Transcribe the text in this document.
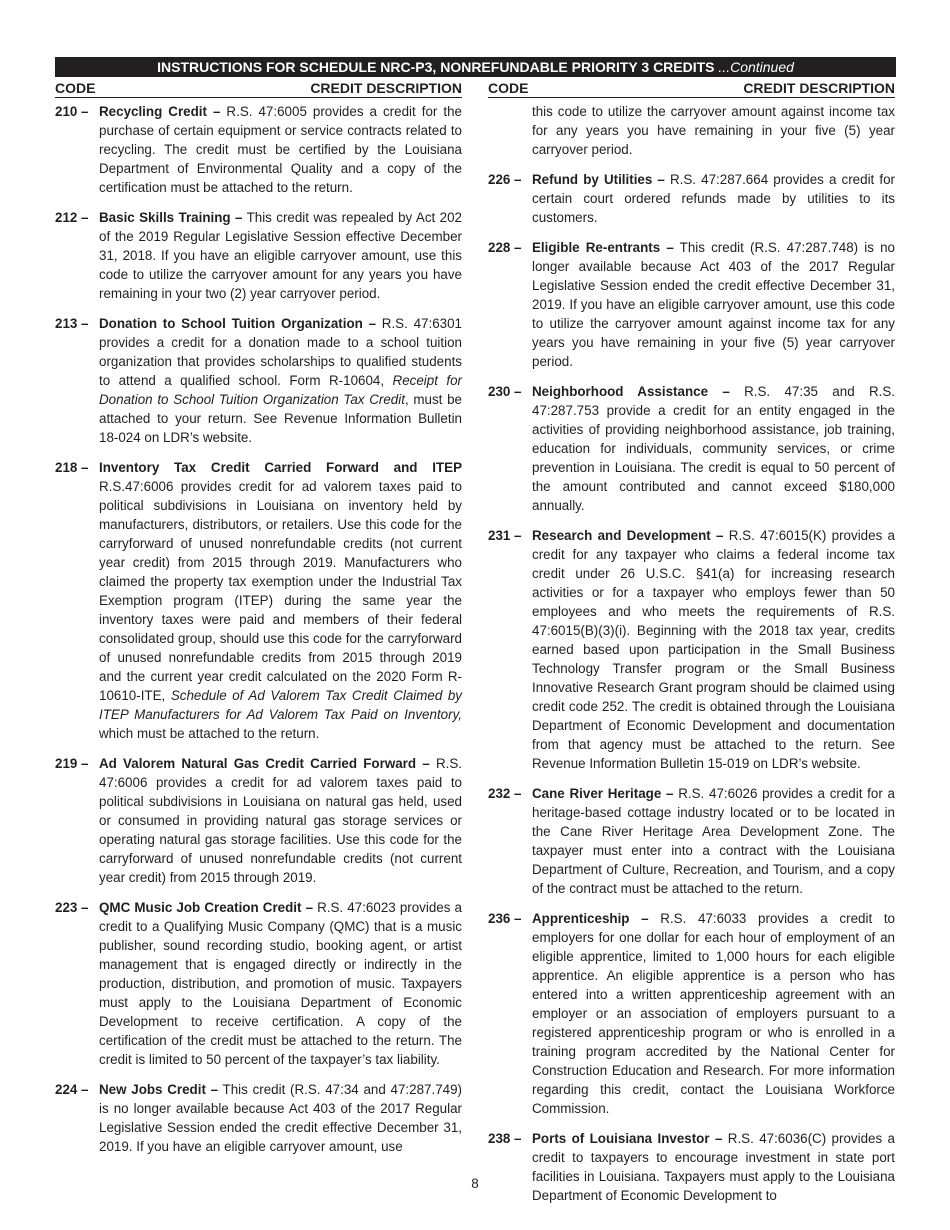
INSTRUCTIONS FOR SCHEDULE NRC-P3, NONREFUNDABLE PRIORITY 3 CREDITS ...Continued
CODE	CREDIT DESCRIPTION
210 – Recycling Credit – R.S. 47:6005 provides a credit for the purchase of certain equipment or service contracts related to recycling. The credit must be certified by the Louisiana Department of Environmental Quality and a copy of the certification must be attached to the return.
212 – Basic Skills Training – This credit was repealed by Act 202 of the 2019 Regular Legislative Session effective December 31, 2018. If you have an eligible carryover amount, use this code to utilize the carryover amount for any years you have remaining in your two (2) year carryover period.
213 – Donation to School Tuition Organization – R.S. 47:6301 provides a credit for a donation made to a school tuition organization that provides scholarships to qualified students to attend a qualified school. Form R-10604, Receipt for Donation to School Tuition Organization Tax Credit, must be attached to your return. See Revenue Information Bulletin 18-024 on LDR’s website.
218 – Inventory Tax Credit Carried Forward and ITEP R.S.47:6006 provides credit for ad valorem taxes paid to political subdivisions in Louisiana on inventory held by manufacturers, distributors, or retailers. Use this code for the carryforward of unused nonrefundable credits (not current year credit) from 2015 through 2019. Manufacturers who claimed the property tax exemption under the Industrial Tax Exemption program (ITEP) during the same year the inventory taxes were paid and members of their federal consolidated group, should use this code for the carryforward of unused nonrefundable credits from 2015 through 2019 and the current year credit calculated on the 2020 Form R-10610-ITE, Schedule of Ad Valorem Tax Credit Claimed by ITEP Manufacturers for Ad Valorem Tax Paid on Inventory, which must be attached to the return.
219 – Ad Valorem Natural Gas Credit Carried Forward – R.S. 47:6006 provides a credit for ad valorem taxes paid to political subdivisions in Louisiana on natural gas held, used or consumed in providing natural gas storage services or operating natural gas storage facilities. Use this code for the carryforward of unused nonrefundable credits (not current year credit) from 2015 through 2019.
223 – QMC Music Job Creation Credit – R.S. 47:6023 provides a credit to a Qualifying Music Company (QMC) that is a music publisher, sound recording studio, booking agent, or artist management that is engaged directly or indirectly in the production, distribution, and promotion of music. Taxpayers must apply to the Louisiana Department of Economic Development to receive certification. A copy of the certification of the credit must be attached to the return. The credit is limited to 50 percent of the taxpayer’s tax liability.
224 – New Jobs Credit – This credit (R.S. 47:34 and 47:287.749) is no longer available because Act 403 of the 2017 Regular Legislative Session ended the credit effective December 31, 2019. If you have an eligible carryover amount, use
CODE	CREDIT DESCRIPTION
this code to utilize the carryover amount against income tax for any years you have remaining in your five (5) year carryover period.
226 – Refund by Utilities – R.S. 47:287.664 provides a credit for certain court ordered refunds made by utilities to its customers.
228 – Eligible Re-entrants – This credit (R.S. 47:287.748) is no longer available because Act 403 of the 2017 Regular Legislative Session ended the credit effective December 31, 2019. If you have an eligible carryover amount, use this code to utilize the carryover amount against income tax for any years you have remaining in your five (5) year carryover period.
230 – Neighborhood Assistance – R.S. 47:35 and R.S. 47:287.753 provide a credit for an entity engaged in the activities of providing neighborhood assistance, job training, education for individuals, community services, or crime prevention in Louisiana. The credit is equal to 50 percent of the amount contributed and cannot exceed $180,000 annually.
231 – Research and Development – R.S. 47:6015(K) provides a credit for any taxpayer who claims a federal income tax credit under 26 U.S.C. §41(a) for increasing research activities or for a taxpayer who employs fewer than 50 employees and who meets the requirements of R.S. 47:6015(B)(3)(i). Beginning with the 2018 tax year, credits earned based upon participation in the Small Business Technology Transfer program or the Small Business Innovative Research Grant program should be claimed using credit code 252. The credit is obtained through the Louisiana Department of Economic Development and documentation from that agency must be attached to the return. See Revenue Information Bulletin 15-019 on LDR’s website.
232 – Cane River Heritage – R.S. 47:6026 provides a credit for a heritage-based cottage industry located or to be located in the Cane River Heritage Area Development Zone. The taxpayer must enter into a contract with the Louisiana Department of Culture, Recreation, and Tourism, and a copy of the contract must be attached to the return.
236 – Apprenticeship – R.S. 47:6033 provides a credit to employers for one dollar for each hour of employment of an eligible apprentice, limited to 1,000 hours for each eligible apprentice. An eligible apprentice is a person who has entered into a written apprenticeship agreement with an employer or an association of employers pursuant to a registered apprenticeship program or who is enrolled in a training program accredited by the National Center for Construction Education and Research. For more information regarding this credit, contact the Louisiana Workforce Commission.
238 – Ports of Louisiana Investor – R.S. 47:6036(C) provides a credit to taxpayers to encourage investment in state port facilities in Louisiana. Taxpayers must apply to the Louisiana Department of Economic Development to
8
